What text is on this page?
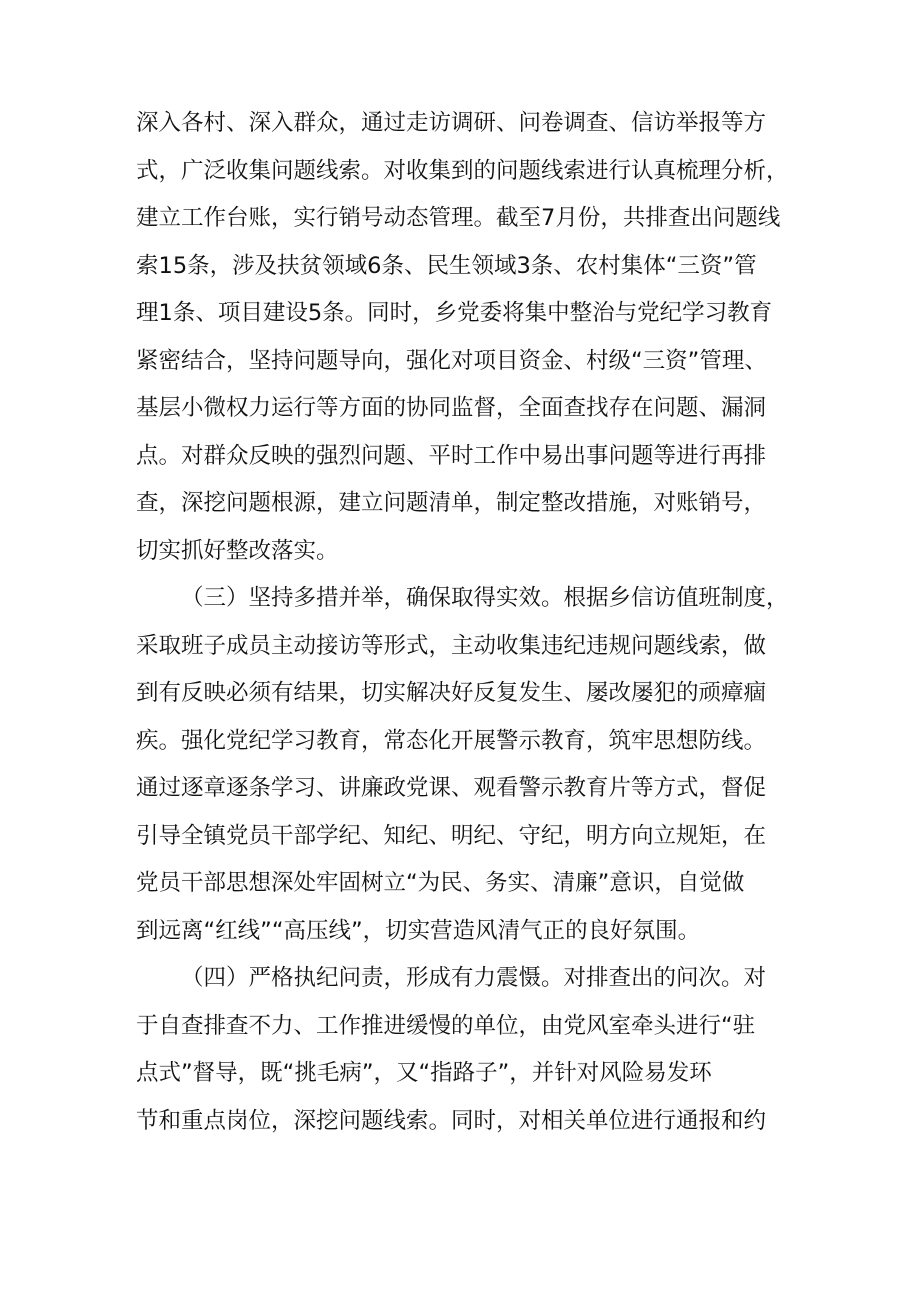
深入各村、深入群众，通过走访调研、问卷调查、信访举报等方
式，广泛收集问题线索。对收集到的问题线索进行认真梳理分析，
建立工作台账，实行销号动态管理。截至7月份，共排查出问题线
索15条，涉及扶贫领域6条、民生领域3条、农村集体“三资”管
理1条、项目建设5条。同时，乡党委将集中整治与党纪学习教育
紧密结合，坚持问题导向，强化对项目资金、村级“三资”管理、
基层小微权力运行等方面的协同监督，全面查找存在问题、漏洞
点。对群众反映的强烈问题、平时工作中易出事问题等进行再排
查，深挖问题根源，建立问题清单，制定整改措施，对账销号，
切实抓好整改落实。
（三）坚持多措并举，确保取得实效。根据乡信访值班制度，
采取班子成员主动接访等形式，主动收集违纪违规问题线索，做
到有反映必须有结果，切实解决好反复发生、屡改屡犯的顽瘴痼
疾。强化党纪学习教育，常态化开展警示教育，筑牢思想防线。
通过逐章逐条学习、讲廉政党课、观看警示教育片等方式，督促
引导全镇党员干部学纪、知纪、明纪、守纪，明方向立规矩，在
党员干部思想深处牢固树立“为民、务实、清廉”意识，自觉做
到远离“红线”“高压线”，切实营造风清气正的良好氛围。
（四）严格执纪问责，形成有力震慑。对排查出的问次。对
于自查排查不力、工作推进缓慢的单位，由党风室牵头进行“驻
点式”督导，既“挑毛病”，又“指路子”，并针对风险易发环
节和重点岗位，深挖问题线索。同时，对相关单位进行通报和约
